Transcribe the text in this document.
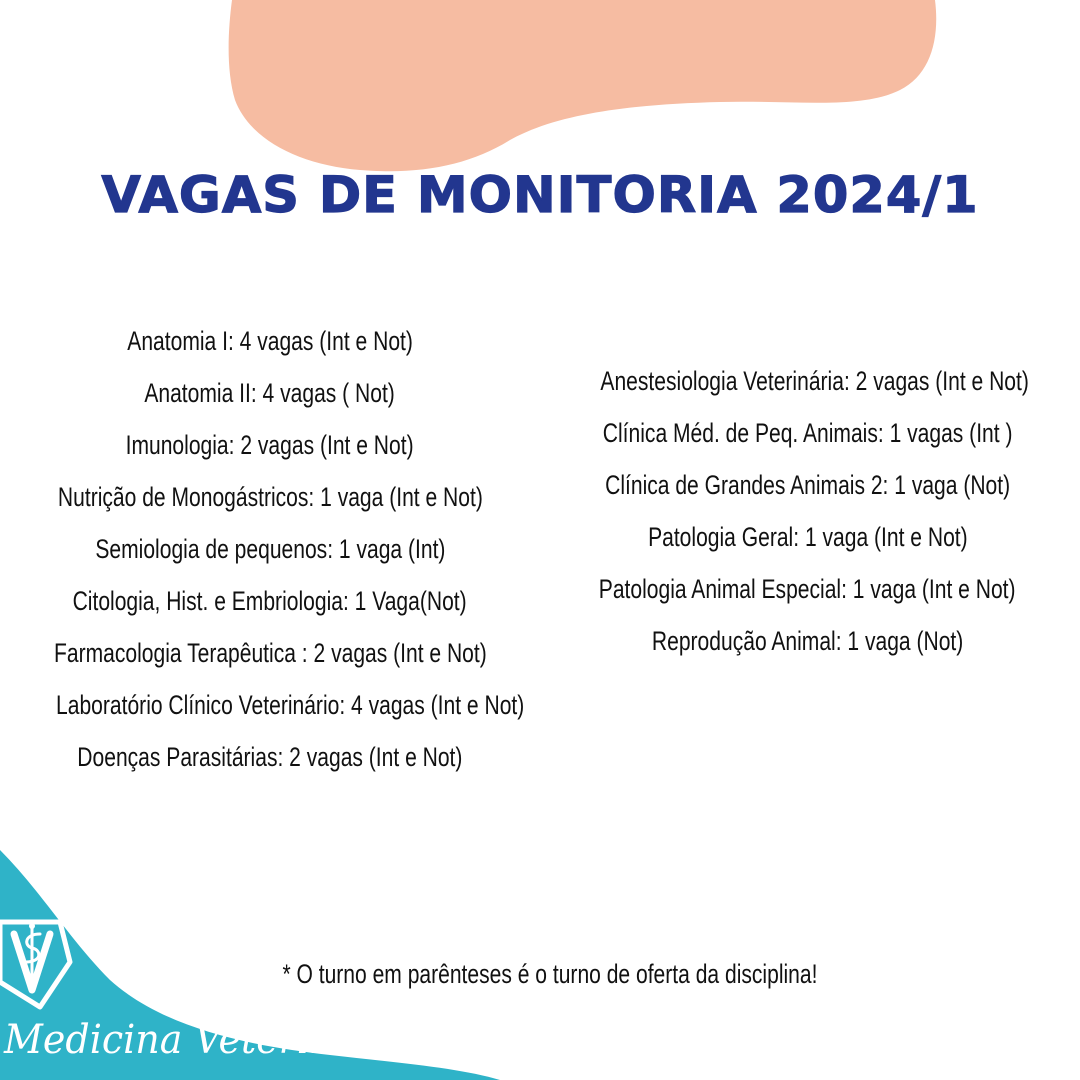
VAGAS DE MONITORIA 2024/1
Anatomia I: 4 vagas (Int e Not)
Anatomia II: 4 vagas ( Not)
Imunologia: 2 vagas (Int e Not)
Nutrição de Monogástricos: 1 vaga (Int e Not)
Semiologia de pequenos: 1 vaga (Int)
Citologia, Hist. e Embriologia: 1 Vaga(Not)
Farmacologia Terapêutica : 2 vagas (Int e Not)
Laboratório Clínico Veterinário: 4 vagas (Int e Not)
Doenças Parasitárias: 2 vagas (Int e Not)
Anestesiologia Veterinária: 2 vagas (Int e Not)
Clínica Méd. de Peq. Animais: 1 vagas (Int )
Clínica de Grandes Animais 2: 1 vaga (Not)
Patologia Geral: 1 vaga (Int e Not)
Patologia Animal Especial: 1 vaga (Int e Not)
Reprodução Animal: 1 vaga (Not)
* O turno em parênteses é o turno de oferta da disciplina!
Medicina Veterinária
